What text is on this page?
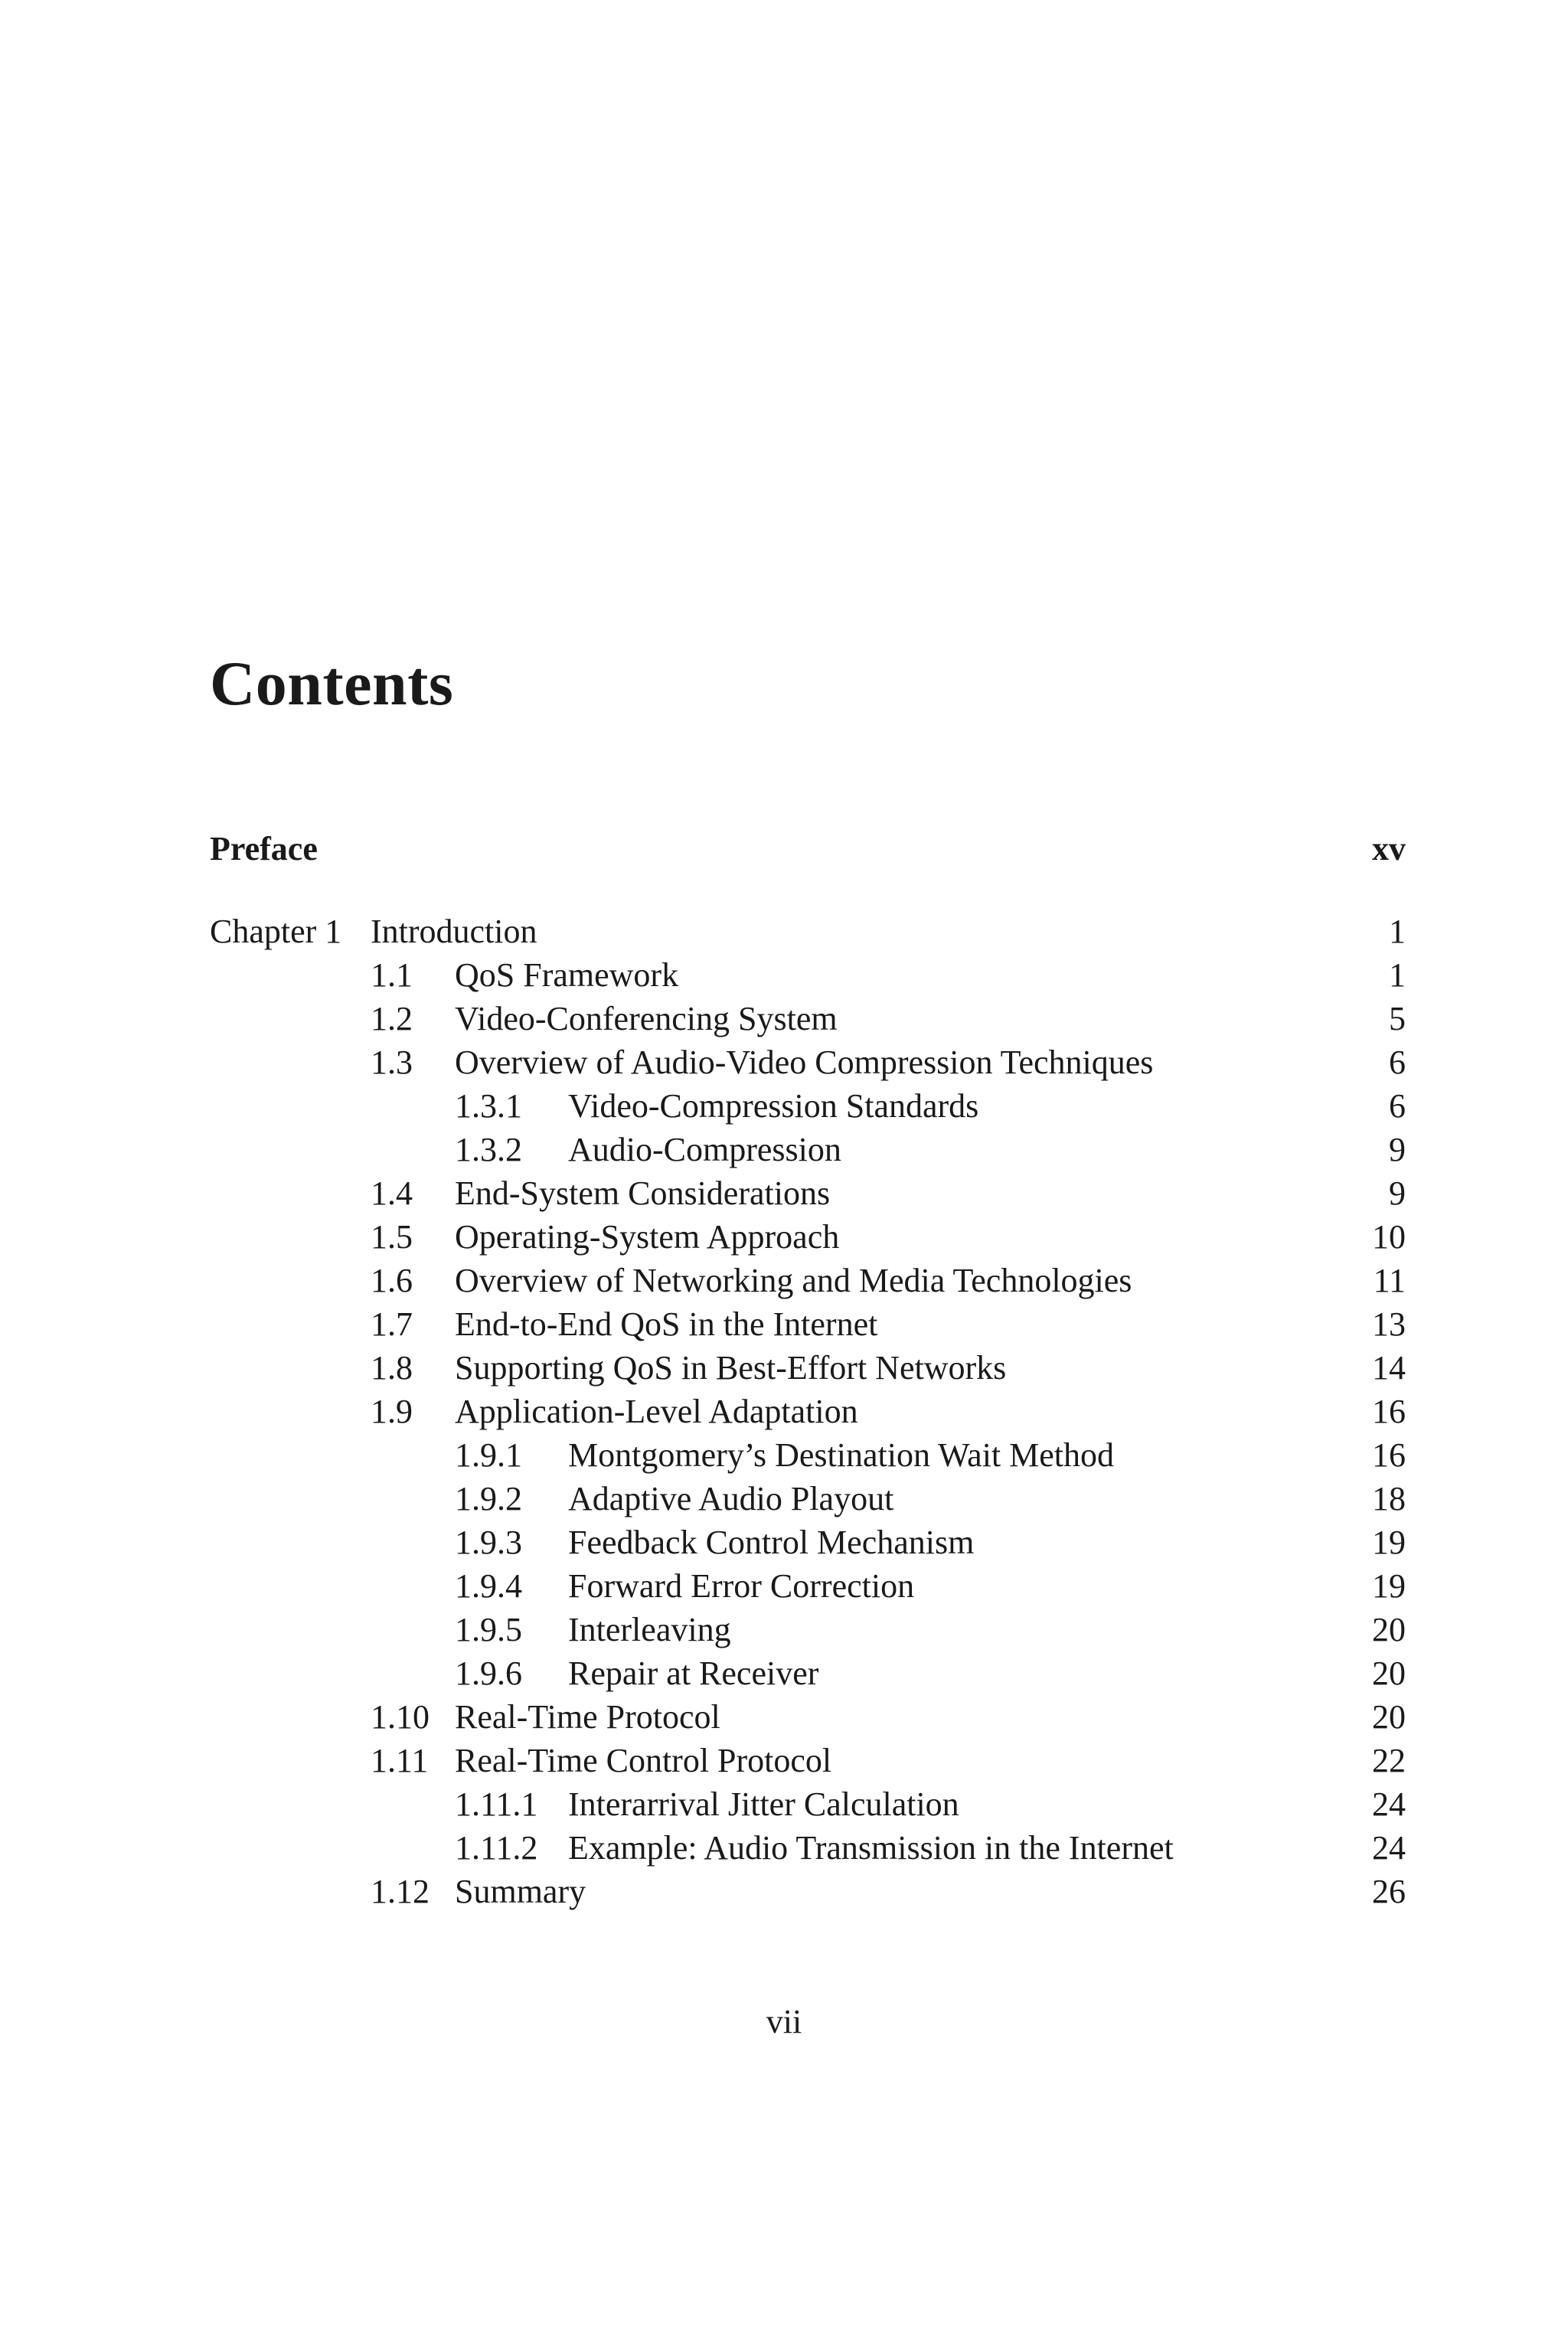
Contents
Preface	xv
Chapter 1 Introduction	1
1.1 QoS Framework	1
1.2 Video-Conferencing System	5
1.3 Overview of Audio-Video Compression Techniques	6
1.3.1 Video-Compression Standards	6
1.3.2 Audio-Compression	9
1.4 End-System Considerations	9
1.5 Operating-System Approach	10
1.6 Overview of Networking and Media Technologies	11
1.7 End-to-End QoS in the Internet	13
1.8 Supporting QoS in Best-Effort Networks	14
1.9 Application-Level Adaptation	16
1.9.1 Montgomery’s Destination Wait Method	16
1.9.2 Adaptive Audio Playout	18
1.9.3 Feedback Control Mechanism	19
1.9.4 Forward Error Correction	19
1.9.5 Interleaving	20
1.9.6 Repair at Receiver	20
1.10 Real-Time Protocol	20
1.11 Real-Time Control Protocol	22
1.11.1 Interarrival Jitter Calculation	24
1.11.2 Example: Audio Transmission in the Internet	24
1.12 Summary	26
vii
